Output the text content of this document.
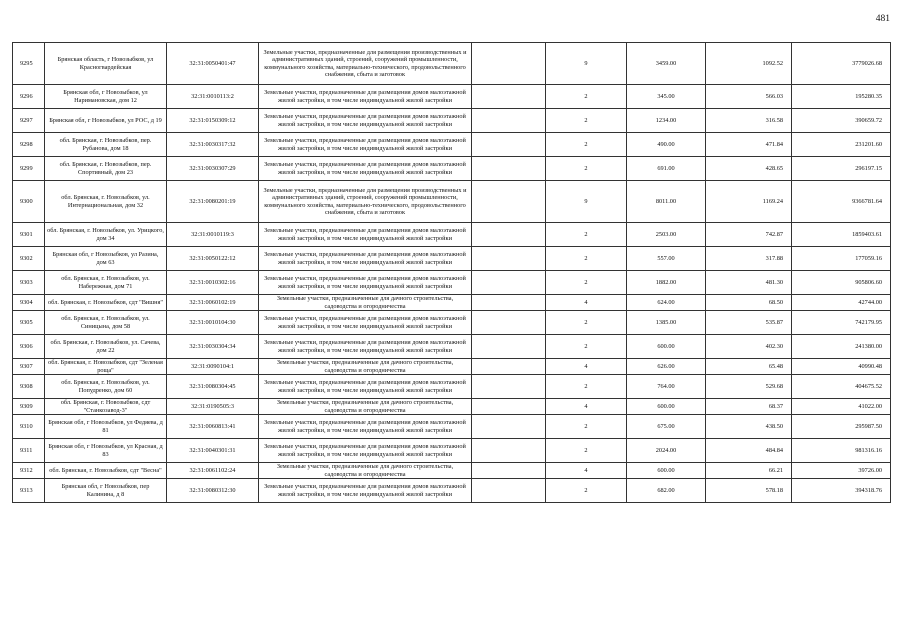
481
9295	Брянская область, г Новозыбков, ул Красногвардейская	32:31:0050401:47	Земельные участки, предназначенные для размещения производственных и административных зданий, строений, сооружений промышленности, коммунального хозяйства, материально-технического, продовольственного снабжения, сбыта и заготовок		9	3459.00	1092.52	3779026.68
9296	Брянская обл, г Новозыбков, ул Наримановская, дом 12	32:31:0010113:2	Земельные участки, предназначенные для размещения домов малоэтажной жилой застройки, в том числе индивидуальной жилой застройки		2	345.00	566.03	195280.35
9297	Брянская обл, г Новозыбков, ул РОС, д 19	32:31:0150309:12	Земельные участки, предназначенные для размещения домов малоэтажной жилой застройки, в том числе индивидуальной жилой застройки		2	1234.00	316.58	390659.72
9298	обл. Брянская, г. Новозыбков, пер. Рубанова, дом 18	32:31:0030317:32	Земельные участки, предназначенные для размещения домов малоэтажной жилой застройки, в том числе индивидуальной жилой застройки		2	490.00	471.84	231201.60
9299	обл. Брянская, г. Новозыбков, пер. Спортивный, дом 23	32:31:0030307:29	Земельные участки, предназначенные для размещения домов малоэтажной жилой застройки, в том числе индивидуальной жилой застройки		2	691.00	428.65	296197.15
9300	обл. Брянская, г. Новозыбков, ул. Интернациональная, дом 32	32:31:0080201:19	Земельные участки, предназначенные для размещения производственных и административных зданий, строений, сооружений промышленности, коммунального хозяйства, материально-технического, продовольственного снабжения, сбыта и заготовок		9	8011.00	1169.24	9366781.64
9301	обл. Брянская, г. Новозыбков, ул. Урицкого, дом 34	32:31:0010119:3	Земельные участки, предназначенные для размещения домов малоэтажной жилой застройки, в том числе индивидуальной жилой застройки		2	2503.00	742.87	1859403.61
9302	Брянская обл, г Новозыбков, ул Разина, дом 63	32:31:0050122:12	Земельные участки, предназначенные для размещения домов малоэтажной жилой застройки, в том числе индивидуальной жилой застройки		2	557.00	317.88	177059.16
9303	обл. Брянская, г. Новозыбков, ул. Набережная, дом 71	32:31:0010302:16	Земельные участки, предназначенные для размещения домов малоэтажной жилой застройки, в том числе индивидуальной жилой застройки		2	1882.00	481.30	905806.60
9304	обл. Брянская, г. Новозыбков, сдт "Вишня"	32:31:0060102:19	Земельные участки, предназначенные для дачного строительства, садоводства и огородничества		4	624.00	68.50	42744.00
9305	обл. Брянская, г. Новозыбков, ул. Синицына, дом 58	32:31:0010104:30	Земельные участки, предназначенные для размещения домов малоэтажной жилой застройки, в том числе индивидуальной жилой застройки		2	1385.00	535.87	742179.95
9306	обл. Брянская, г. Новозыбков, ул. Сачева, дом 22	32:31:0030304:34	Земельные участки, предназначенные для размещения домов малоэтажной жилой застройки, в том числе индивидуальной жилой застройки		2	600.00	402.30	241380.00
9307	обл. Брянская, г. Новозыбков, сдт "Зеленая роща"	32:31:0090104:1	Земельные участки, предназначенные для дачного строительства, садоводства и огородничества		4	626.00	65.48	40990.48
9308	обл. Брянская, г. Новозыбков, ул. Попудренко, дом 60	32:31:0080304:45	Земельные участки, предназначенные для размещения домов малоэтажной жилой застройки, в том числе индивидуальной жилой застройки		2	764.00	529.68	404675.52
9309	обл. Брянская, г. Новозыбков, сдт "Станкозавод-3"	32:31:0190505:3	Земельные участки, предназначенные для дачного строительства, садоводства и огородничества		4	600.00	68.37	41022.00
9310	Брянская обл, г Новозыбков, ул Федяева, д 81	32:31:0060813:41	Земельные участки, предназначенные для размещения домов малоэтажной жилой застройки, в том числе индивидуальной жилой застройки		2	675.00	438.50	295987.50
9311	Брянская обл, г Новозыбков, ул Красная, д 83	32:31:0040301:31	Земельные участки, предназначенные для размещения домов малоэтажной жилой застройки, в том числе индивидуальной жилой застройки		2	2024.00	484.84	981316.16
9312	обл. Брянская, г. Новозыбков, сдт "Весна"	32:31:0061102:24	Земельные участки, предназначенные для дачного строительства, садоводства и огородничества		4	600.00	66.21	39726.00
9313	Брянская обл, г Новозыбков, пер Калинина, д 8	32:31:0080312:30	Земельные участки, предназначенные для размещения домов малоэтажной жилой застройки, в том числе индивидуальной жилой застройки		2	682.00	578.18	394318.76
